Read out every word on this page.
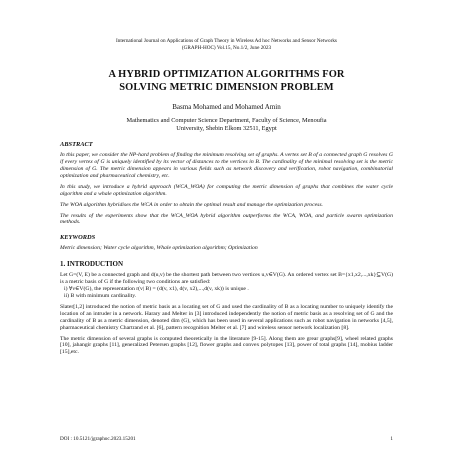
International Journal on Applications of Graph Theory in Wireless Ad hoc Networks and Sensor Networks
(GRAPH-HOC) Vol.15, No.1/2, June 2023
A HYBRID OPTIMIZATION ALGORITHMS FOR
SOLVING METRIC DIMENSION PROBLEM
Basma Mohamed and Mohamed Amin
Mathematics and Computer Science Department, Faculty of Science, Menoufia
University, Shebin Elkom 32511, Egypt
ABSTRACT
In this paper, we consider the NP-hard problem of finding the minimum resolving set of graphs. A vertex set B of a connected graph G resolves G if every vertex of G is uniquely identified by its vector of distances to the vertices in B. The cardinality of the minimal resolving set is the metric dimension of G. The metric dimension appears in various fields such as network discovery and verification, robot navigation, combinatorial optimization and pharmaceutical chemistry, etc.
In this study, we introduce a hybrid approach (WCA_WOA) for computing the metric dimension of graphs that combines the water cycle algorithm and a whale optimization algorithm.
The WOA algorithm hybridises the WCA in order to obtain the optimal result and manage the optimization process.
The results of the experiments show that the WCA_WOA hybrid algorithm outperforms the WCA, WOA, and particle swarm optimization methods.
KEYWORDS
Metric dimension; Water cycle algorithm, Whale optimization algorithm; Optimization
1. INTRODUCTION
Let G=(V, E) be a connected graph and d(u,v) be the shortest path between two vertices u,v∈V(G). An ordered vertex set B={x1,x2,...,xk}⊆V(G) is a metric basis of G if the following two conditions are satisfied:
i) ∀v∈V(G), the representation r(v| B) = (d(v, x1), d(v, x2),...,d(v, xk)) is unique .
ii) B with minimum cardinality.
Slater[1,2] introduced the notion of metric basis as a locating set of G and used the cardinality of B as a locating number to uniquely identify the location of an intruder in a network. Harary and Melter in [3] introduced independently the notion of metric basis as a resolving set of G and the cardinality of B as a metric dimension, denoted dim (G), which has been used in several applications such as robot navigation in networks [4,5], pharmaceutical chemistry Chartrand et al. [6], pattern recognition Melter et al. [7] and wireless sensor network localization [8].
The metric dimension of several graphs is computed theoretically in the literature [9-15]. Along them are grear graphs[9], wheel related graphs [10], jahangir graphs [11], generalized Petersen graphs [12], flower graphs and convex polytopes [13], power of total graphs [14], mobius ladder [15],etc.
DOI : 10.5121/jgraphoc.2023.15201	1
